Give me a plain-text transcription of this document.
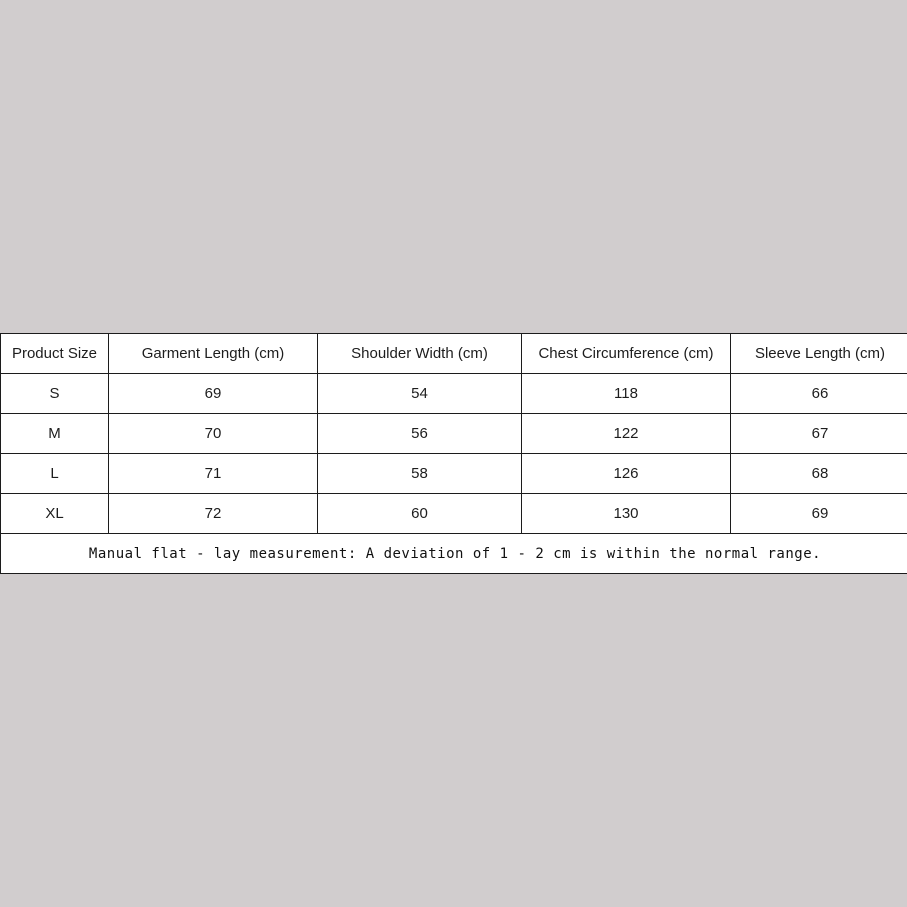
Product Size	Garment Length (cm)	Shoulder Width (cm)	Chest Circumference (cm)	Sleeve Length (cm)
S	69	54	118	66
M	70	56	122	67
L	71	58	126	68
XL	72	60	130	69
Manual flat - lay measurement: A deviation of 1 - 2 cm is within the normal range.				
